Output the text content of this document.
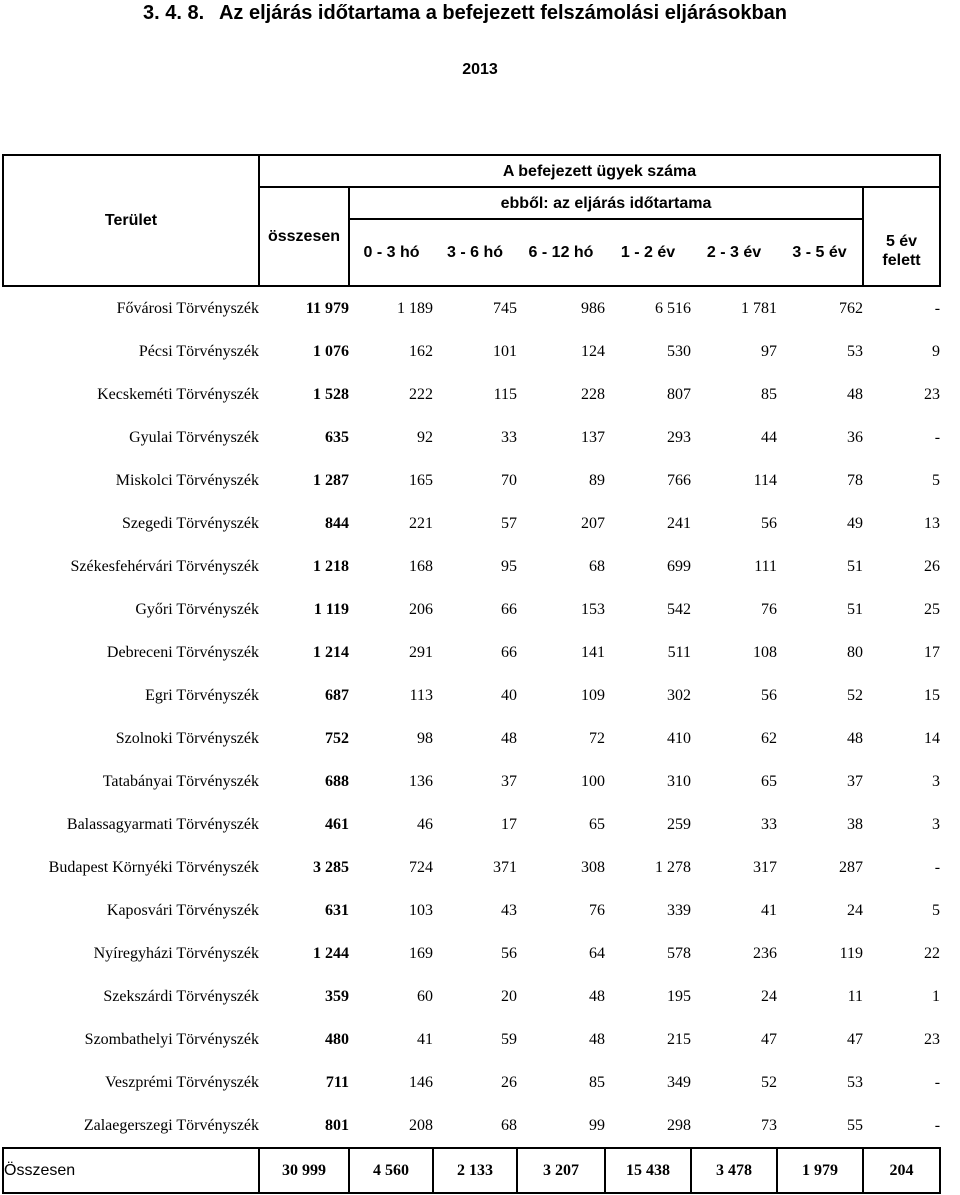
3. 4. 8. Az eljárás időtartama a befejezett felszámolási eljárásokban
2013
Terület	A befejezett ügyek száma							
	összesen	ebből: az eljárás időtartama						5 év
felett

		0 - 3 hó	3 - 6 hó	6 - 12 hó	1 - 2 év	2 - 3 év	3 - 5 év	
Fővárosi Törvényszék	11 979	1 189	745	986	6 516	1 781	762	-
Pécsi Törvényszék	1 076	162	101	124	530	97	53	9
Kecskeméti Törvényszék	1 528	222	115	228	807	85	48	23
Gyulai Törvényszék	635	92	33	137	293	44	36	-
Miskolci Törvényszék	1 287	165	70	89	766	114	78	5
Szegedi Törvényszék	844	221	57	207	241	56	49	13
Székesfehérvári Törvényszék	1 218	168	95	68	699	111	51	26
Győri Törvényszék	1 119	206	66	153	542	76	51	25
Debreceni Törvényszék	1 214	291	66	141	511	108	80	17
Egri Törvényszék	687	113	40	109	302	56	52	15
Szolnoki Törvényszék	752	98	48	72	410	62	48	14
Tatabányai Törvényszék	688	136	37	100	310	65	37	3
Balassagyarmati Törvényszék	461	46	17	65	259	33	38	3
Budapest Környéki Törvényszék	3 285	724	371	308	1 278	317	287	-
Kaposvári Törvényszék	631	103	43	76	339	41	24	5
Nyíregyházi Törvényszék	1 244	169	56	64	578	236	119	22
Szekszárdi Törvényszék	359	60	20	48	195	24	11	1
Szombathelyi Törvényszék	480	41	59	48	215	47	47	23
Veszprémi Törvényszék	711	146	26	85	349	52	53	-
Zalaegerszegi Törvényszék	801	208	68	99	298	73	55	-
Összesen	30 999	4 560	2 133	3 207	15 438	3 478	1 979	204
